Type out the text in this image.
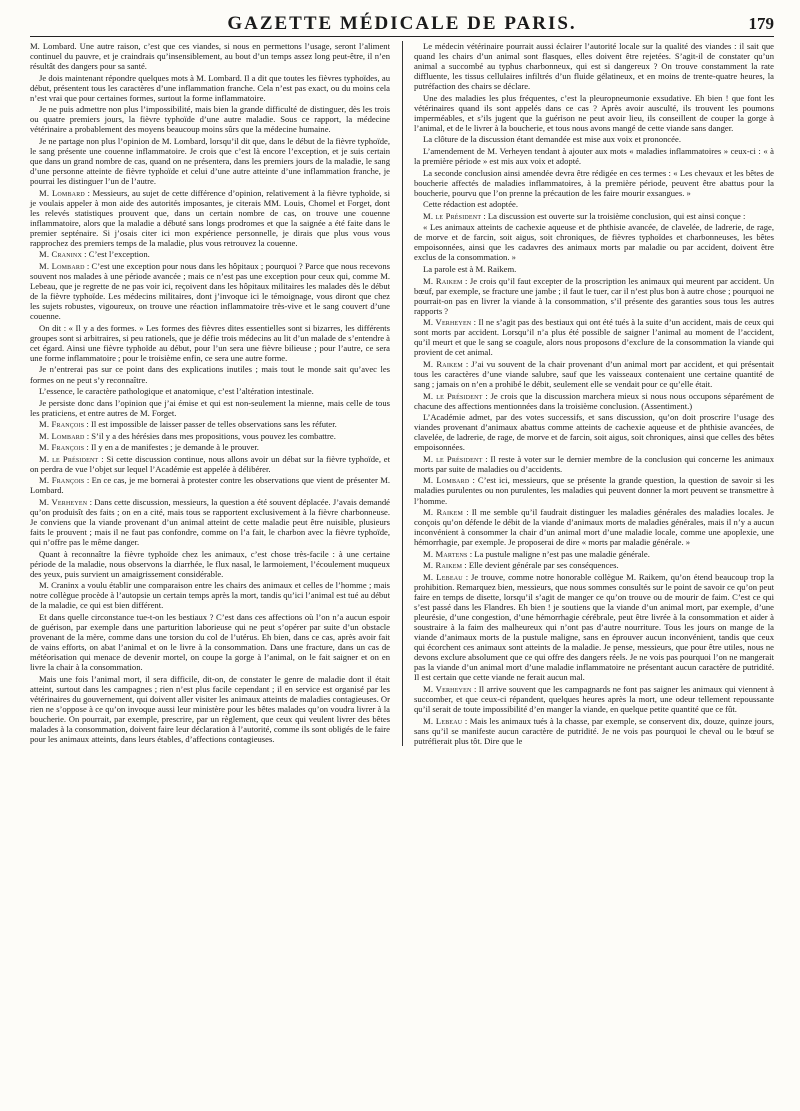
GAZETTE MÉDICALE DE PARIS.	179

M. Lombard. Une autre raison, c’est que ces viandes, si nous en permettons l’usage, seront l’aliment continuel du pauvre, et je craindrais qu’insensiblement, au bout d’un temps assez long peut-être, il n’en résultât des dangers pour sa santé.

Je dois maintenant répondre quelques mots à M. Lombard. Il a dit que toutes les fièvres typhoïdes, au début, présentent tous les caractères d’une inflammation franche. Cela n’est pas exact, ou du moins cela n’est vrai que pour certaines formes, surtout la forme inflammatoire.

Je ne puis admettre non plus l’impossibilité, mais bien la grande difficulté de distinguer, dès les trois ou quatre premiers jours, la fièvre typhoïde d’une autre maladie. Sous ce rapport, la médecine vétérinaire a probablement des moyens beaucoup moins sûrs que la médecine humaine.

Je ne partage non plus l’opinion de M. Lombard, lorsqu’il dit que, dans le début de la fièvre typhoïde, le sang présente une couenne inflammatoire. Je crois que c’est là encore l’exception, et je suis certain que dans un grand nombre de cas, quand on ne présentera, dans les premiers jours de la maladie, le sang d’une personne atteinte de fièvre typhoïde et celui d’une autre atteinte d’une inflammation franche, je pourrai les distinguer l’un de l’autre.

M. Lombard : Messieurs, au sujet de cette différence d’opinion, relativement à la fièvre typhoïde, si je voulais appeler à mon aide des autorités imposantes, je citerais MM. Louis, Chomel et Forget, dont les relevés statistiques prouvent que, dans un certain nombre de cas, on trouve une couenne inflammatoire, alors que la maladie a débuté sans longs prodromes et que la saignée a été faite dans le premier septénaire. Si j’osais citer ici mon expérience personnelle, je dirais que plus vous vous rapprochez des premiers temps de la maladie, plus vous retrouvez la couenne.

M. Craninx : C’est l’exception.

M. Lombard : C’est une exception pour nous dans les hôpitaux ; pourquoi ? Parce que nous recevons souvent nos malades à une période avancée ; mais ce n’est pas une exception pour ceux qui, comme M. Lebeau, que je regrette de ne pas voir ici, reçoivent dans les hôpitaux militaires les malades dès le début de la fièvre typhoïde. Les médecins militaires, dont j’invoque ici le témoignage, vous diront que chez les sujets robustes, vigoureux, on trouve une réaction inflammatoire très-vive et le sang couvert d’une couenne.

On dit : « Il y a des formes. » Les formes des fièvres dites essentielles sont si bizarres, les différents groupes sont si arbitraires, si peu rationels, que je défie trois médecins au lit d’un malade de s’entendre à cet égard. Ainsi une fièvre typhoïde au début, pour l’un sera une fièvre bilieuse ; pour l’autre, ce sera une forme inflammatoire ; pour le troisième enfin, ce sera une autre forme.

Je n’entrerai pas sur ce point dans des explications inutiles ; mais tout le monde sait qu’avec les formes on ne peut s’y reconnaître.

L’essence, le caractère pathologique et anatomique, c’est l’altération intestinale.

Je persiste donc dans l’opinion que j’ai émise et qui est non-seulement la mienne, mais celle de tous les praticiens, et entre autres de M. Forget.

M. François : Il est impossible de laisser passer de telles observations sans les réfuter.

M. Lombard : S’il y a des hérésies dans mes propositions, vous pouvez les combattre.

M. François : Il y en a de manifestes ; je demande à le prouver.

M. le Président : Si cette discussion continue, nous allons avoir un débat sur la fièvre typhoïde, et on perdra de vue l’objet sur lequel l’Académie est appelée à délibérer.

M. François : En ce cas, je me bornerai à protester contre les observations que vient de présenter M. Lombard.

M. Verheyen : Dans cette discussion, messieurs, la question a été souvent déplacée. J’avais demandé qu’on produisît des faits ; on en a cité, mais tous se rapportent exclusivement à la fièvre charbonneuse. Je conviens que la viande provenant d’un animal atteint de cette maladie peut être nuisible, plusieurs faits le prouvent ; mais il ne faut pas confondre, comme on l’a fait, le charbon avec la fièvre typhoïde, qui n’offre pas le même danger.

Quant à reconnaître la fièvre typhoïde chez les animaux, c’est chose très-facile : à une certaine période de la maladie, nous observons la diarrhée, le flux nasal, le larmoiement, l’écoulement muqueux des yeux, puis survient un amaigrissement considérable.

M. Craninx a voulu établir une comparaison entre les chairs des animaux et celles de l’homme ; mais notre collègue procède à l’autopsie un certain temps après la mort, tandis qu’ici l’animal est tué au début de la maladie, ce qui est bien différent.

Et dans quelle circonstance tue-t-on les bestiaux ? C’est dans ces affections où l’on n’a aucun espoir de guérison, par exemple dans une parturition laborieuse qui ne peut s’opérer par suite d’un obstacle provenant de la mère, comme dans une torsion du col de l’utérus. Eh bien, dans ce cas, après avoir fait de vains efforts, on abat l’animal et on le livre à la consommation. Dans une fracture, dans un cas de météorisation qui menace de devenir mortel, on coupe la gorge à l’animal, on le fait saigner et on en livre la chair à la consommation.

Mais une fois l’animal mort, il sera difficile, dit-on, de constater le genre de maladie dont il était atteint, surtout dans les campagnes ; rien n’est plus facile cependant ; il en service est organisé par les vétérinaires du gouvernement, qui doivent aller visiter les animaux atteints de maladies contagieuses. Or rien ne s’oppose à ce qu’on invoque aussi leur ministère pour les bêtes malades qu’on voudra livrer à la boucherie. On pourrait, par exemple, prescrire, par un règlement, que ceux qui veulent livrer des bêtes malades à la consommation, doivent faire leur déclaration à l’autorité, comme ils sont obligés de le faire pour les animaux atteints, dans leurs étables, d’affections contagieuses.

Le médecin vétérinaire pourrait aussi éclairer l’autorité locale sur la qualité des viandes : il sait que quand les chairs d’un animal sont flasques, elles doivent être rejetées. S’agit-il de constater qu’un animal a succombé au typhus charbonneux, qui est si dangereux ? On trouve constamment la rate diffluente, les tissus cellulaires infiltrés d’un fluide gélatineux, et en moins de trente-quatre heures, la putréfaction des chairs se déclare.

Une des maladies les plus fréquentes, c’est la pleuropneumonie exsudative. Eh bien ! que font les vétérinaires quand ils sont appelés dans ce cas ? Après avoir ausculté, ils trouvent les poumons imperméables, et s’ils jugent que la guérison ne peut avoir lieu, ils conseillent de couper la gorge à l’animal, et de le livrer à la boucherie, et tous nous avons mangé de cette viande sans danger.

La clôture de la discussion étant demandée est mise aux voix et prononcée.

L’amendement de M. Verheyen tendant à ajouter aux mots « maladies inflammatoires » ceux-ci : « à la première période » est mis aux voix et adopté.

La seconde conclusion ainsi amendée devra être rédigée en ces termes : « Les chevaux et les bêtes de boucherie affectés de maladies inflammatoires, à la première période, peuvent être abattus pour la boucherie, pourvu que l’on prenne la précaution de les faire mourir exsangues. »

Cette rédaction est adoptée.

M. le Président : La discussion est ouverte sur la troisième conclusion, qui est ainsi conçue :

« Les animaux atteints de cachexie aqueuse et de phthisie avancée, de clavelée, de ladrerie, de rage, de morve et de farcin, soit aigus, soit chroniques, de fièvres typhoïdes et charbonneuses, les bêtes empoisonnées, ainsi que les cadavres des animaux morts par maladie ou par accident, doivent être exclus de la consommation. »

La parole est à M. Raikem.

M. Raikem : Je crois qu’il faut excepter de la proscription les animaux qui meurent par accident. Un bœuf, par exemple, se fracture une jambe ; il faut le tuer, car il n’est plus bon à autre chose ; pourquoi ne pourrait-on pas en livrer la viande à la consommation, s’il présente des garanties sous tous les autres rapports ?

M. Verheyen : Il ne s’agit pas des bestiaux qui ont été tués à la suite d’un accident, mais de ceux qui sont morts par accident. Lorsqu’il n’a plus été possible de saigner l’animal au moment de l’accident, qu’il meurt et que le sang se coagule, alors nous proposons d’exclure de la consommation la viande qui provient de cet animal.

M. Raikem : J’ai vu souvent de la chair provenant d’un animal mort par accident, et qui présentait tous les caractères d’une viande salubre, sauf que les vaisseaux contenaient une certaine quantité de sang ; jamais on n’en a prohibé le débit, seulement elle se vendait pour ce qu’elle était.

M. le Président : Je crois que la discussion marchera mieux si nous nous occupons séparément de chacune des affections mentionnées dans la troisième conclusion. (Assentiment.)

L’Académie admet, par des votes successifs, et sans discussion, qu’on doit proscrire l’usage des viandes provenant d’animaux abattus comme atteints de cachexie aqueuse et de phthisie avancées, de clavelée, de ladrerie, de rage, de morve et de farcin, soit aigus, soit chroniques, ainsi que celles des bêtes empoisonnées.

M. le Président : Il reste à voter sur le dernier membre de la conclusion qui concerne les animaux morts par suite de maladies ou d’accidents.

M. Lombard : C’est ici, messieurs, que se présente la grande question, la question de savoir si les maladies purulentes ou non purulentes, les maladies qui peuvent donner la mort peuvent se transmettre à l’homme.

M. Raikem : Il me semble qu’il faudrait distinguer les maladies générales des maladies locales. Je conçois qu’on défende le débit de la viande d’animaux morts de maladies générales, mais il n’y a aucun inconvénient à consommer la chair d’un animal mort d’une maladie locale, comme une apoplexie, une hémorrhagie, par exemple. Je proposerai de dire « morts par maladie générale. »

M. Martens : La pustule maligne n’est pas une maladie générale.

M. Raikem : Elle devient générale par ses conséquences.

M. Lebeau : Je trouve, comme notre honorable collègue M. Raikem, qu’on étend beaucoup trop la prohibition. Remarquez bien, messieurs, que nous sommes consultés sur le point de savoir ce qu’on peut faire en temps de disette, lorsqu’il s’agit de manger ce qu’on trouve ou de mourir de faim. C’est ce qui s’est passé dans les Flandres. Eh bien ! je soutiens que la viande d’un animal mort, par exemple, d’une pleurésie, d’une congestion, d’une hémorrhagie cérébrale, peut être livrée à la consommation et aider à soustraire à la faim des malheureux qui n’ont pas d’autre nourriture. Tous les jours on mange de la viande d’animaux morts de la pustule maligne, sans en éprouver aucun inconvénient, tandis que ceux qui écorchent ces animaux sont atteints de la maladie. Je pense, messieurs, que pour être utiles, nous ne devons exclure absolument que ce qui offre des dangers réels. Je ne vois pas pourquoi l’on ne mangerait pas la viande d’un animal mort d’une maladie inflammatoire ne présentant aucun caractère de putridité. Il est certain que cette viande ne ferait aucun mal.

M. Verheyen : Il arrive souvent que les campagnards ne font pas saigner les animaux qui viennent à succomber, et que ceux-ci répandent, quelques heures après la mort, une odeur tellement repoussante qu’il serait de toute impossibilité d’en manger la viande, en quelque petite quantité que ce fût.

M. Lebeau : Mais les animaux tués à la chasse, par exemple, se conservent dix, douze, quinze jours, sans qu’il se manifeste aucun caractère de putridité. Je ne vois pas pourquoi le cheval ou le bœuf se putréfierait plus tôt. Dire que le
